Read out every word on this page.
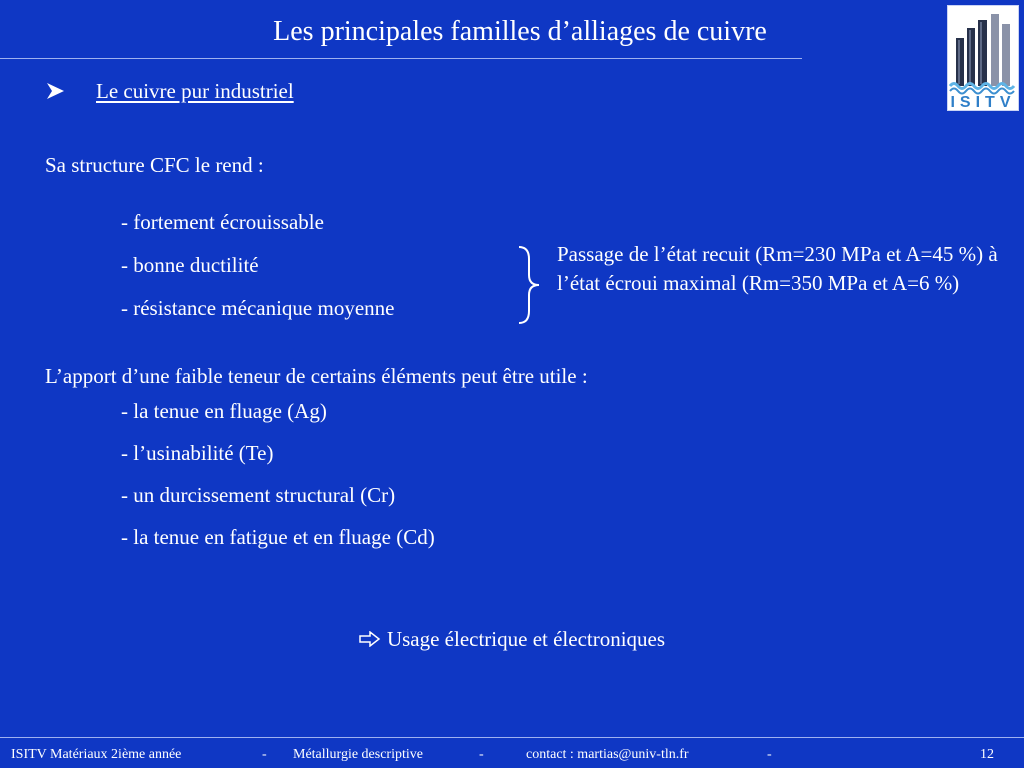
Les principales familles d’alliages de cuivre
ISITV
Le cuivre pur industriel
Sa structure CFC le rend :
- fortement écrouissable
- bonne ductilité
- résistance mécanique moyenne
Passage de l’état recuit (Rm=230 MPa et A=45 %) à l’état écroui maximal (Rm=350 MPa et A=6 %)
L’apport d’une faible teneur de certains éléments peut être utile :
- la tenue en fluage (Ag)
- l’usinabilité (Te)
- un durcissement structural (Cr)
- la tenue en fatigue et en fluage (Cd)
Usage électrique et électroniques
ISITV Matériaux 2ième année	- Métallurgie descriptive	-	contact : martias@univ-tln.fr	-	12
